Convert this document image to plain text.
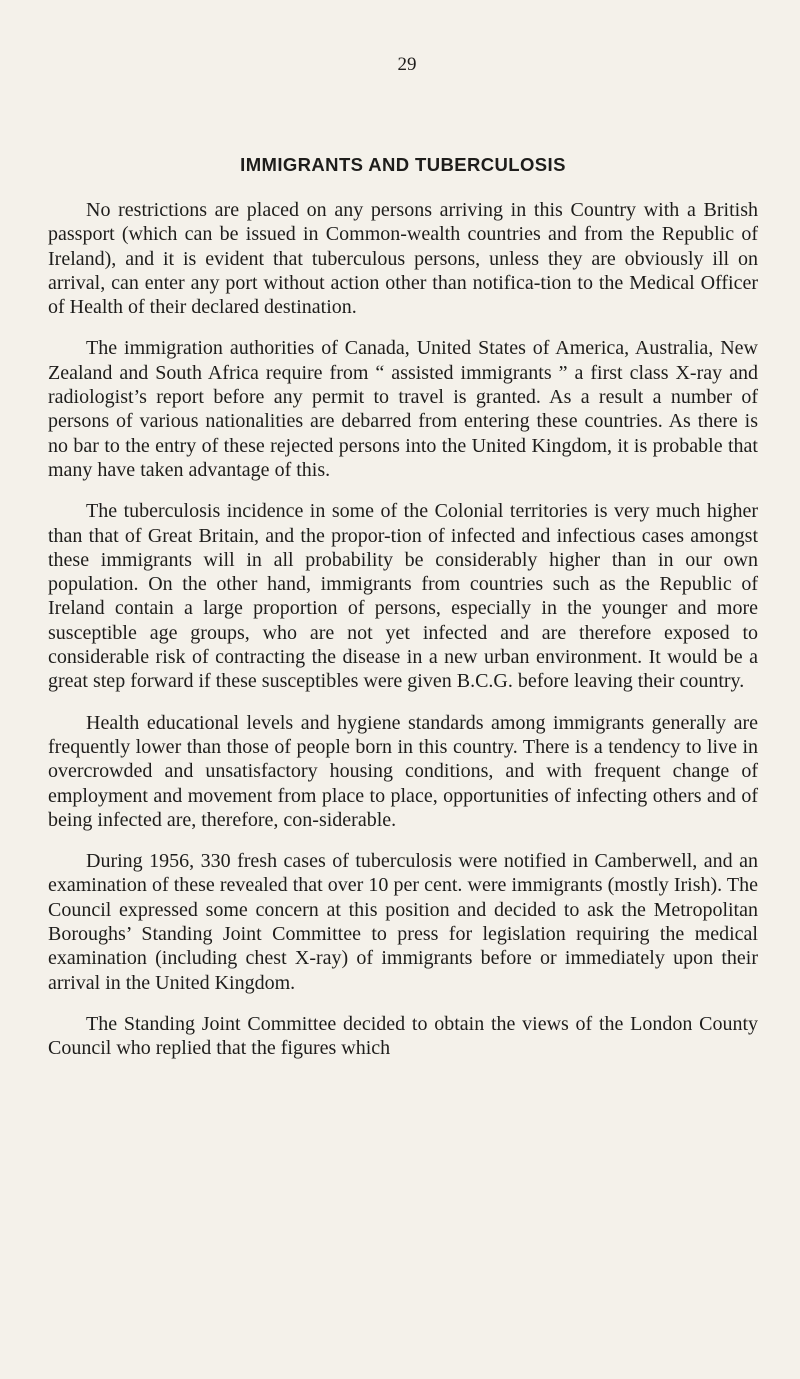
29
IMMIGRANTS AND TUBERCULOSIS

No restrictions are placed on any persons arriving in this Country with a British passport (which can be issued in Common-wealth countries and from the Republic of Ireland), and it is evident that tuberculous persons, unless they are obviously ill on arrival, can enter any port without action other than notifica-tion to the Medical Officer of Health of their declared destination.

The immigration authorities of Canada, United States of America, Australia, New Zealand and South Africa require from “ assisted immigrants ” a first class X-ray and radiologist’s report before any permit to travel is granted. As a result a number of persons of various nationalities are debarred from entering these countries. As there is no bar to the entry of these rejected persons into the United Kingdom, it is probable that many have taken advantage of this.

The tuberculosis incidence in some of the Colonial territories is very much higher than that of Great Britain, and the propor-tion of infected and infectious cases amongst these immigrants will in all probability be considerably higher than in our own population. On the other hand, immigrants from countries such as the Republic of Ireland contain a large proportion of persons, especially in the younger and more susceptible age groups, who are not yet infected and are therefore exposed to considerable risk of contracting the disease in a new urban environment. It would be a great step forward if these susceptibles were given B.C.G. before leaving their country.

Health educational levels and hygiene standards among immigrants generally are frequently lower than those of people born in this country. There is a tendency to live in overcrowded and unsatisfactory housing conditions, and with frequent change of employment and movement from place to place, opportunities of infecting others and of being infected are, therefore, con-siderable.

During 1956, 330 fresh cases of tuberculosis were notified in Camberwell, and an examination of these revealed that over 10 per cent. were immigrants (mostly Irish). The Council expressed some concern at this position and decided to ask the Metropolitan Boroughs’ Standing Joint Committee to press for legislation requiring the medical examination (including chest X-ray) of immigrants before or immediately upon their arrival in the United Kingdom.

The Standing Joint Committee decided to obtain the views of the London County Council who replied that the figures which
